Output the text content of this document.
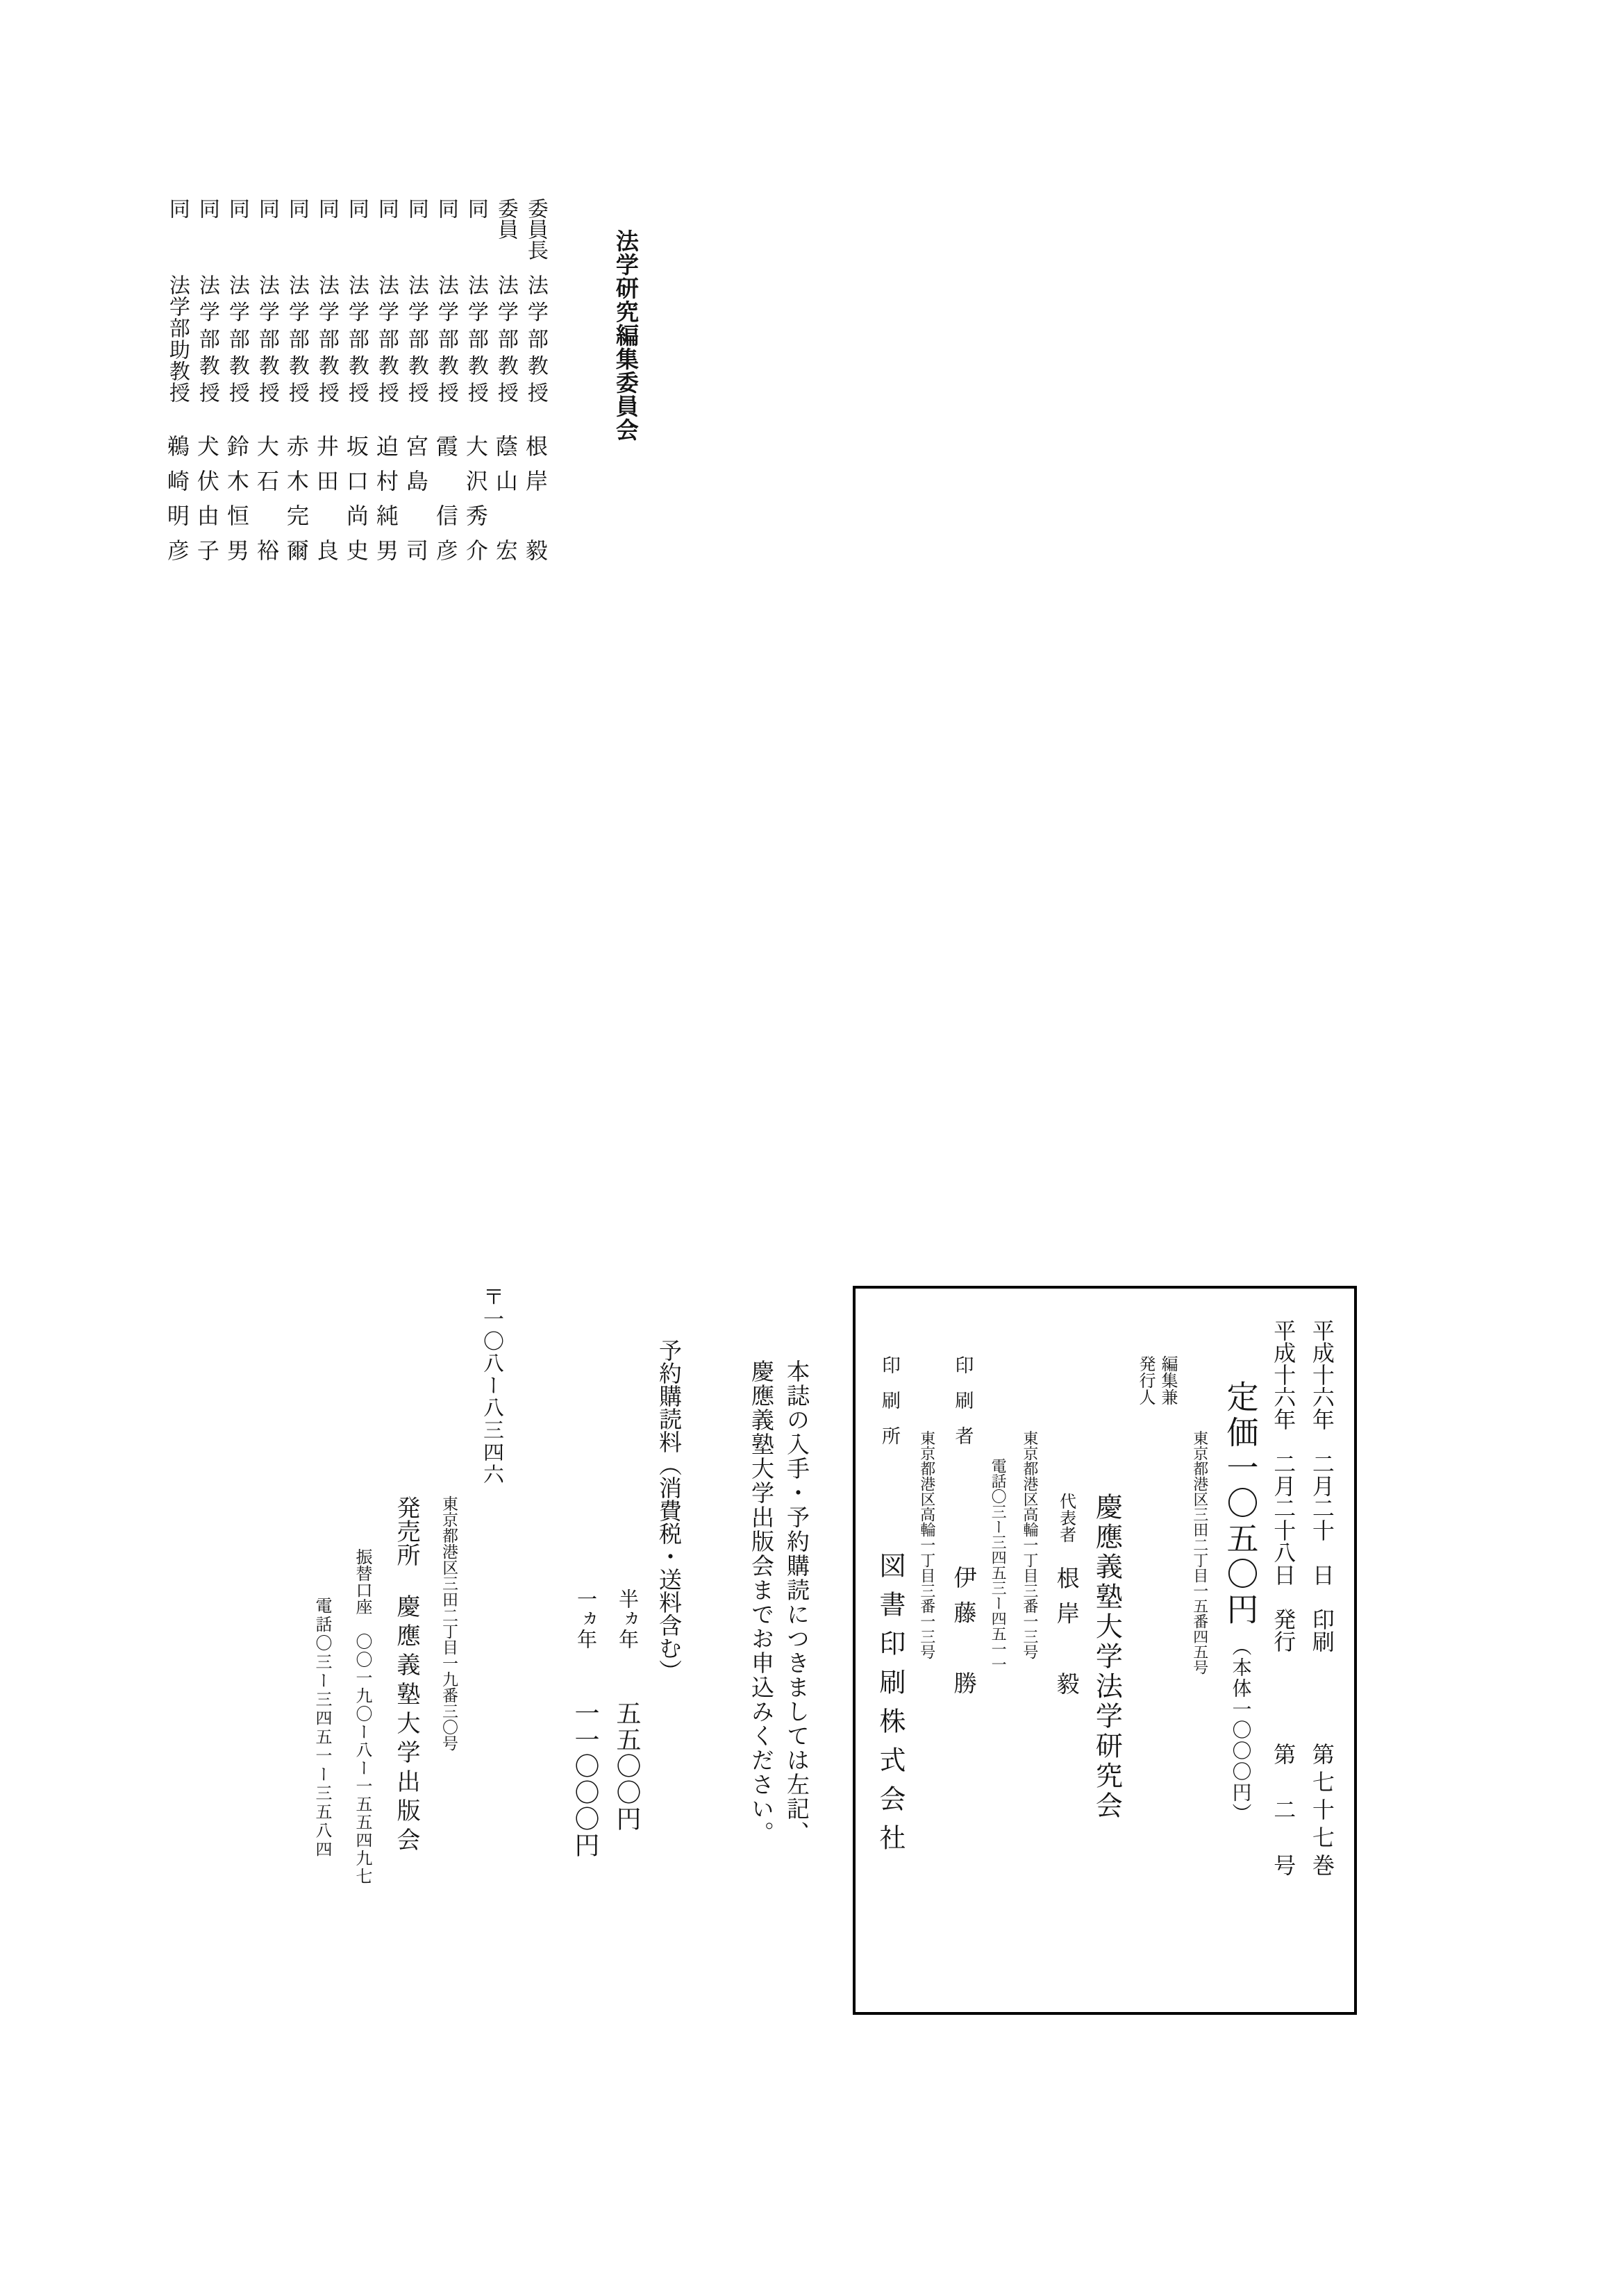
法学研究編集委員会
委員長法学部教授根岸　毅
委員法学部教授蔭山　宏
同法学部教授大沢秀介
同法学部教授霞　信彦
同法学部教授宮島　司
同法学部教授迫村純男
同法学部教授坂口尚史
同法学部教授井田　良
同法学部教授赤木完爾
同法学部教授大石　裕
同法学部教授鈴木恒男
同法学部教授犬伏由子
同法学部助教授鵜崎明彦
平成十六年　二月二十　日　印刷第七十七巻
平成十六年　二月二十八日　発行第　二　号
定価一〇五〇円（本体一〇〇〇円）
東京都港区三田二丁目一五番四五号
編集兼
発行人
慶應義塾大学法学研究会
代表者根岸　毅
東京都港区高輪一丁目三番一三号
電話〇三ー三四五三ー四五一一
印刷者伊藤　勝
東京都港区高輪一丁目三番一三号
印刷所図書印刷株式会社
本誌の入手・予約購読につきましては左記、
慶應義塾大学出版会までお申込みください。
予約購読料（消費税・送料含む）
半ヵ年五五〇〇円
一ヵ年一一〇〇〇円
〒一〇八ー八三四六
東京都港区三田二丁目一九番三〇号
発売所慶應義塾大学出版会
振替口座〇〇一九〇ー八ー一五五四九七
電話〇三ー三四五一ー三五八四
